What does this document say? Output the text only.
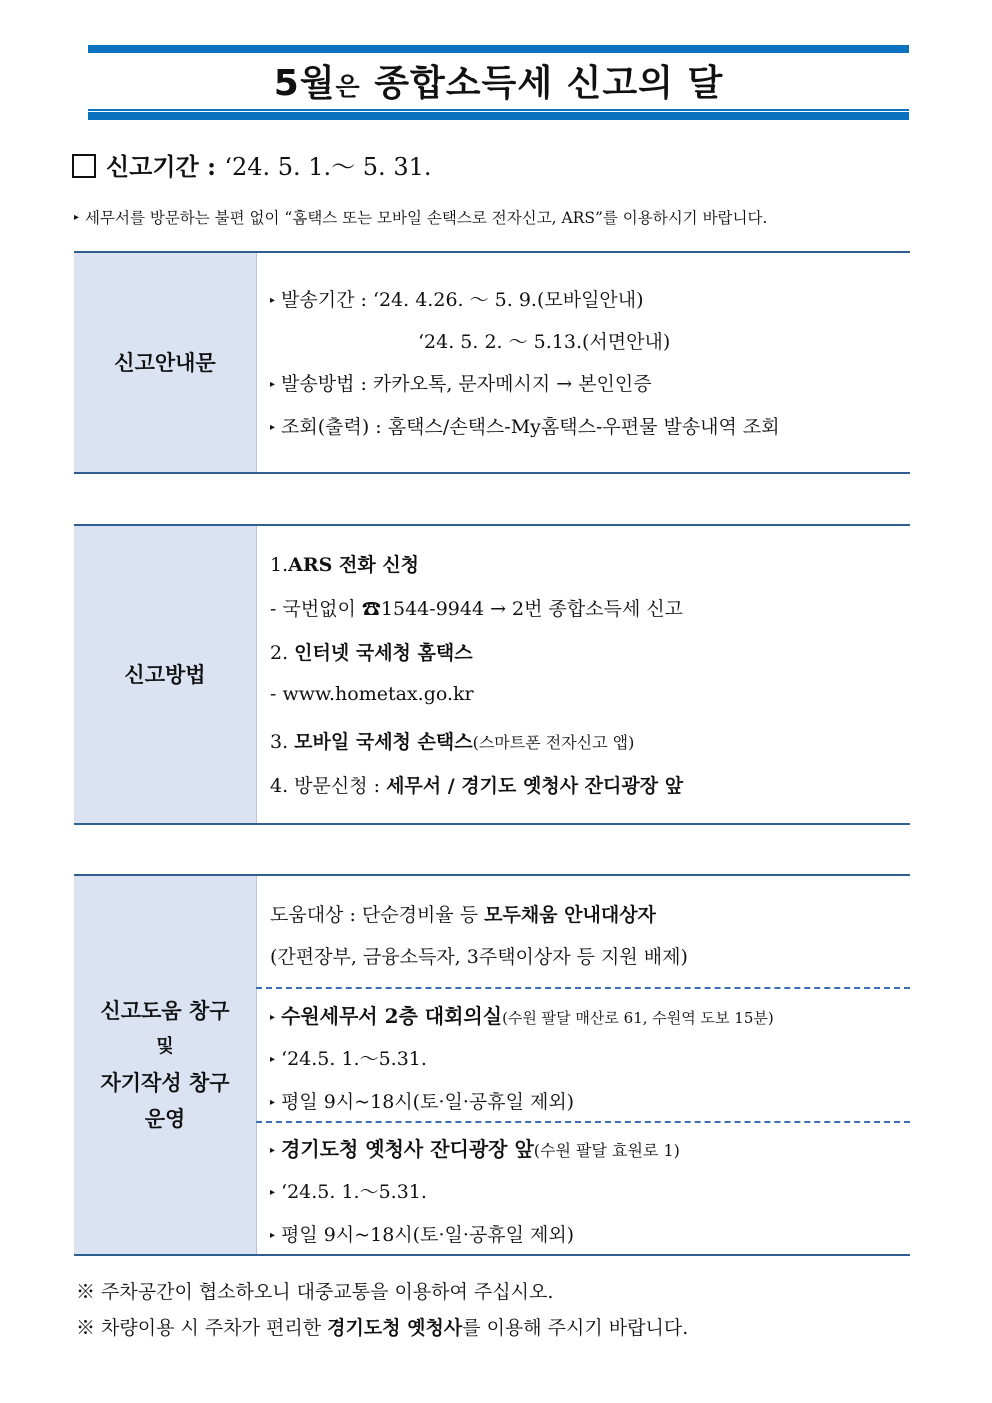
5월은 종합소득세 신고의 달
신고기간 : ‘24. 5. 1.～ 5. 31.
▸ 세무서를 방문하는 불편 없이 “홈택스 또는 모바일 손택스로 전자신고, ARS”를 이용하시기 바랍니다.
신고안내문
▸ 발송기간 : ‘24. 4.26. ～ 5. 9.(모바일안내)
‘24. 5. 2. ～ 5.13.(서면안내)
▸ 발송방법 : 카카오톡, 문자메시지 → 본인인증
▸ 조회(출력) : 홈택스/손택스-My홈택스-우편물 발송내역 조회
신고방법
1.ARS 전화 신청
- 국번없이 ☎1544-9944 → 2번 종합소득세 신고
2. 인터넷 국세청 홈택스
- www.hometax.go.kr
3. 모바일 국세청 손택스(스마트폰 전자신고 앱)
4. 방문신청 : 세무서 / 경기도 옛청사 잔디광장 앞
신고도움 창구
및
자기작성 창구
운영
도움대상 : 단순경비율 등 모두채움 안내대상자
(간편장부, 금융소득자, 3주택이상자 등 지원 배제)
▸ 수원세무서 2층 대회의실(수원 팔달 매산로 61, 수원역 도보 15분)
▸ ‘24.5. 1.～5.31.
▸ 평일 9시~18시(토·일·공휴일 제외)
▸ 경기도청 옛청사 잔디광장 앞(수원 팔달 효원로 1)
▸ ‘24.5. 1.～5.31.
▸ 평일 9시~18시(토·일·공휴일 제외)
※ 주차공간이 협소하오니 대중교통을 이용하여 주십시오.
※ 차량이용 시 주차가 편리한 경기도청 옛청사를 이용해 주시기 바랍니다.
